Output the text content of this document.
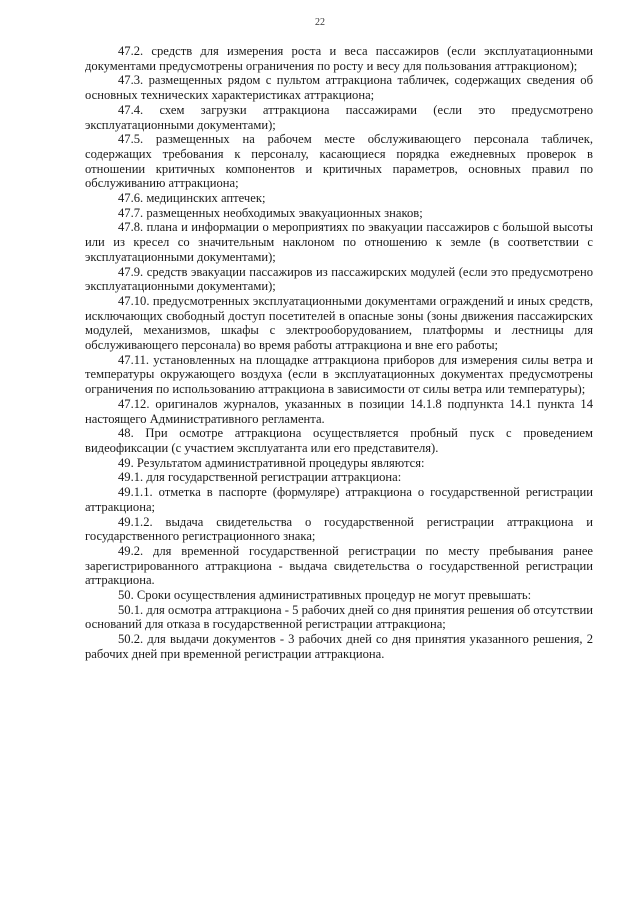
22

47.2. средств для измерения роста и веса пассажиров (если эксплуатационными документами предусмотрены ограничения по росту и весу для пользования аттракционом);

47.3. размещенных рядом с пультом аттракциона табличек, содержащих сведения об основных технических характеристиках аттракциона;

47.4. схем загрузки аттракциона пассажирами (если это предусмотрено эксплуатационными документами);

47.5. размещенных на рабочем месте обслуживающего персонала табличек, содержащих требования к персоналу, касающиеся порядка ежедневных проверок в отношении критичных компонентов и критичных параметров, основных правил по обслуживанию аттракциона;

47.6. медицинских аптечек;

47.7. размещенных необходимых эвакуационных знаков;

47.8. плана и информации о мероприятиях по эвакуации пассажиров с большой высоты или из кресел со значительным наклоном по отношению к земле (в соответствии с эксплуатационными документами);

47.9. средств эвакуации пассажиров из пассажирских модулей (если это предусмотрено эксплуатационными документами);

47.10. предусмотренных эксплуатационными документами ограждений и иных средств, исключающих свободный доступ посетителей в опасные зоны (зоны движения пассажирских модулей, механизмов, шкафы с электрооборудованием, платформы и лестницы для обслуживающего персонала) во время работы аттракциона и вне его работы;

47.11. установленных на площадке аттракциона приборов для измерения силы ветра и температуры окружающего воздуха (если в эксплуатационных документах предусмотрены ограничения по использованию аттракциона в зависимости от силы ветра или температуры);

47.12. оригиналов журналов, указанных в позиции 14.1.8 подпункта 14.1 пункта 14 настоящего Административного регламента.

48. При осмотре аттракциона осуществляется пробный пуск с проведением видеофиксации (с участием эксплуатанта или его представителя).

49. Результатом административной процедуры являются:

49.1. для государственной регистрации аттракциона:

49.1.1. отметка в паспорте (формуляре) аттракциона о государственной регистрации аттракциона;

49.1.2. выдача свидетельства о государственной регистрации аттракциона и государственного регистрационного знака;

49.2. для временной государственной регистрации по месту пребывания ранее зарегистрированного аттракциона - выдача свидетельства о государственной регистрации аттракциона.

50. Сроки осуществления административных процедур не могут превышать:

50.1. для осмотра аттракциона - 5 рабочих дней со дня принятия решения об отсутствии оснований для отказа в государственной регистрации аттракциона;

50.2. для выдачи документов - 3 рабочих дней со дня принятия указанного решения, 2 рабочих дней при временной регистрации аттракциона.
